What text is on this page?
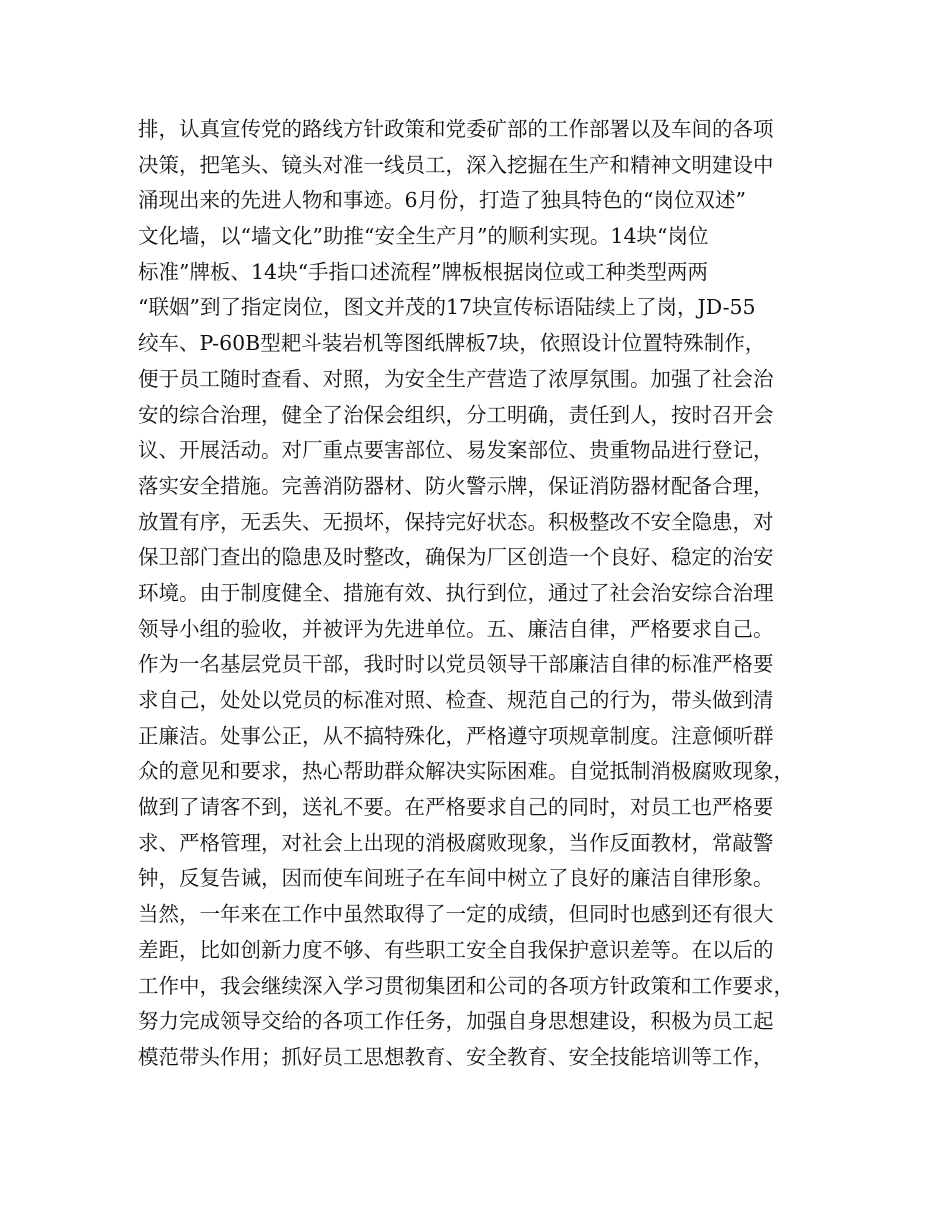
排，认真宣传党的路线方针政策和党委矿部的工作部署以及车间的各项
决策，把笔头、镜头对准一线员工，深入挖掘在生产和精神文明建设中
涌现出来的先进人物和事迹。6月份，打造了独具特色的“岗位双述”
文化墙，以“墙文化”助推“安全生产月”的顺利实现。14块“岗位
标准”牌板、14块“手指口述流程”牌板根据岗位或工种类型两两
“联姻”到了指定岗位，图文并茂的17块宣传标语陆续上了岗，JD-55
绞车、P-60B型耙斗装岩机等图纸牌板7块，依照设计位置特殊制作，
便于员工随时查看、对照，为安全生产营造了浓厚氛围。加强了社会治
安的综合治理，健全了治保会组织，分工明确，责任到人，按时召开会
议、开展活动。对厂重点要害部位、易发案部位、贵重物品进行登记，
落实安全措施。完善消防器材、防火警示牌，保证消防器材配备合理，
放置有序，无丢失、无损坏，保持完好状态。积极整改不安全隐患，对
保卫部门查出的隐患及时整改，确保为厂区创造一个良好、稳定的治安
环境。由于制度健全、措施有效、执行到位，通过了社会治安综合治理
领导小组的验收，并被评为先进单位。五、廉洁自律，严格要求自己。
作为一名基层党员干部，我时时以党员领导干部廉洁自律的标准严格要
求自己，处处以党员的标准对照、检查、规范自己的行为，带头做到清
正廉洁。处事公正，从不搞特殊化，严格遵守项规章制度。注意倾听群
众的意见和要求，热心帮助群众解决实际困难。自觉抵制消极腐败现象，
做到了请客不到，送礼不要。在严格要求自己的同时，对员工也严格要
求、严格管理，对社会上出现的消极腐败现象，当作反面教材，常敲警
钟，反复告诫，因而使车间班子在车间中树立了良好的廉洁自律形象。
当然，一年来在工作中虽然取得了一定的成绩，但同时也感到还有很大
差距，比如创新力度不够、有些职工安全自我保护意识差等。在以后的
工作中，我会继续深入学习贯彻集团和公司的各项方针政策和工作要求，
努力完成领导交给的各项工作任务，加强自身思想建设，积极为员工起
模范带头作用；抓好员工思想教育、安全教育、安全技能培训等工作，
